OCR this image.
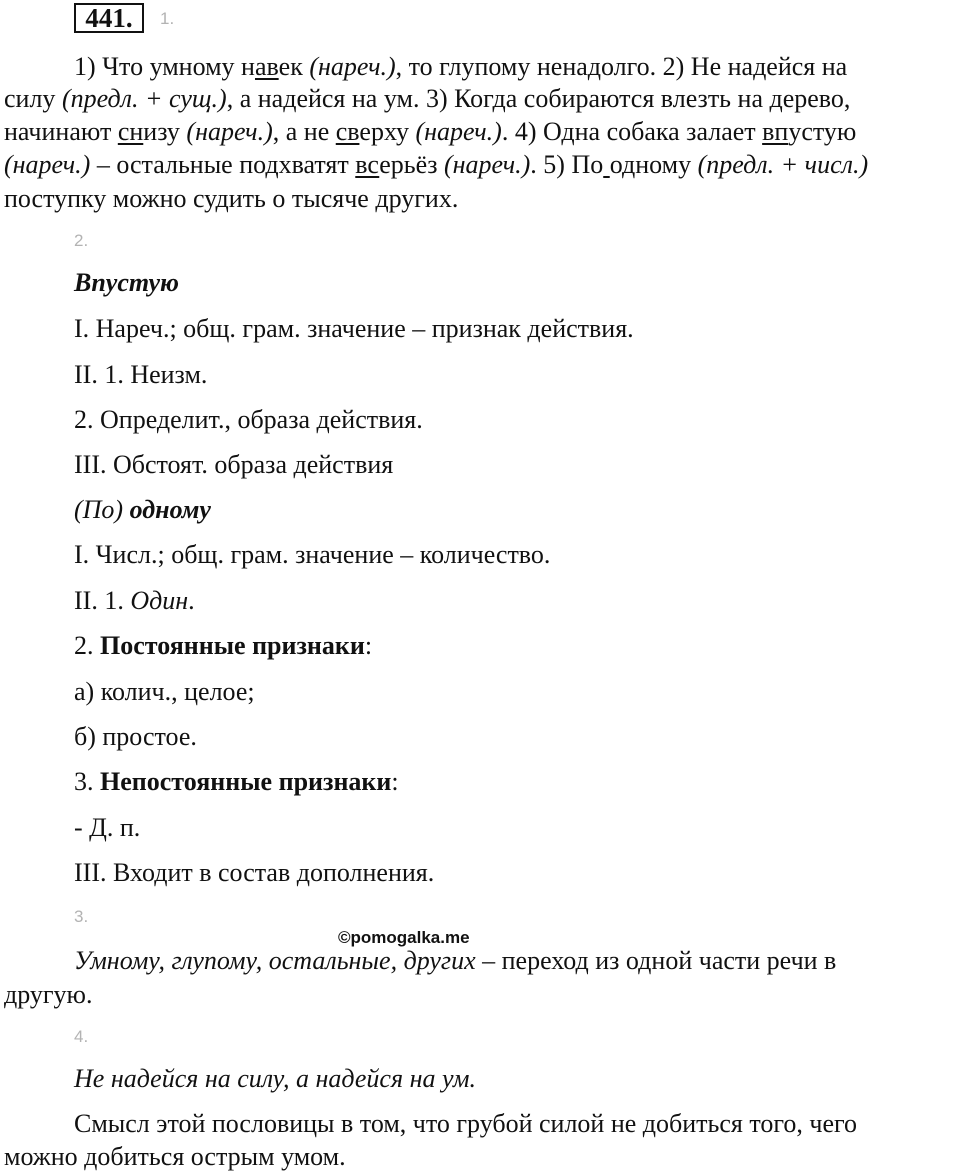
441.	1.
1) Что умному навек (нареч.), то глупому ненадолго. 2) Не надейся на
силу (предл. + сущ.), а надейся на ум. 3) Когда собираются влезть на дерево,
начинают снизу (нареч.), а не сверху (нареч.). 4) Одна собака залает впустую
(нареч.) – остальные подхватят всерьёз (нареч.). 5) По одному (предл. + числ.)
поступку можно судить о тысяче других.
2.
Впустую
I. Нареч.; общ. грам. значение – признак действия.
II. 1. Неизм.
2. Определит., образа действия.
III. Обстоят. образа действия
(По) одному
I. Числ.; общ. грам. значение – количество.
II. 1. Один.
2. Постоянные признаки:
а) колич., целое;
б) простое.
3. Непостоянные признаки:
- Д. п.
III. Входит в состав дополнения.
3.
©pomogalka.me
Умному, глупому, остальные, других – переход из одной части речи в
другую.
4.
Не надейся на силу, а надейся на ум.
Смысл этой пословицы в том, что грубой силой не добиться того, чего
можно добиться острым умом.
